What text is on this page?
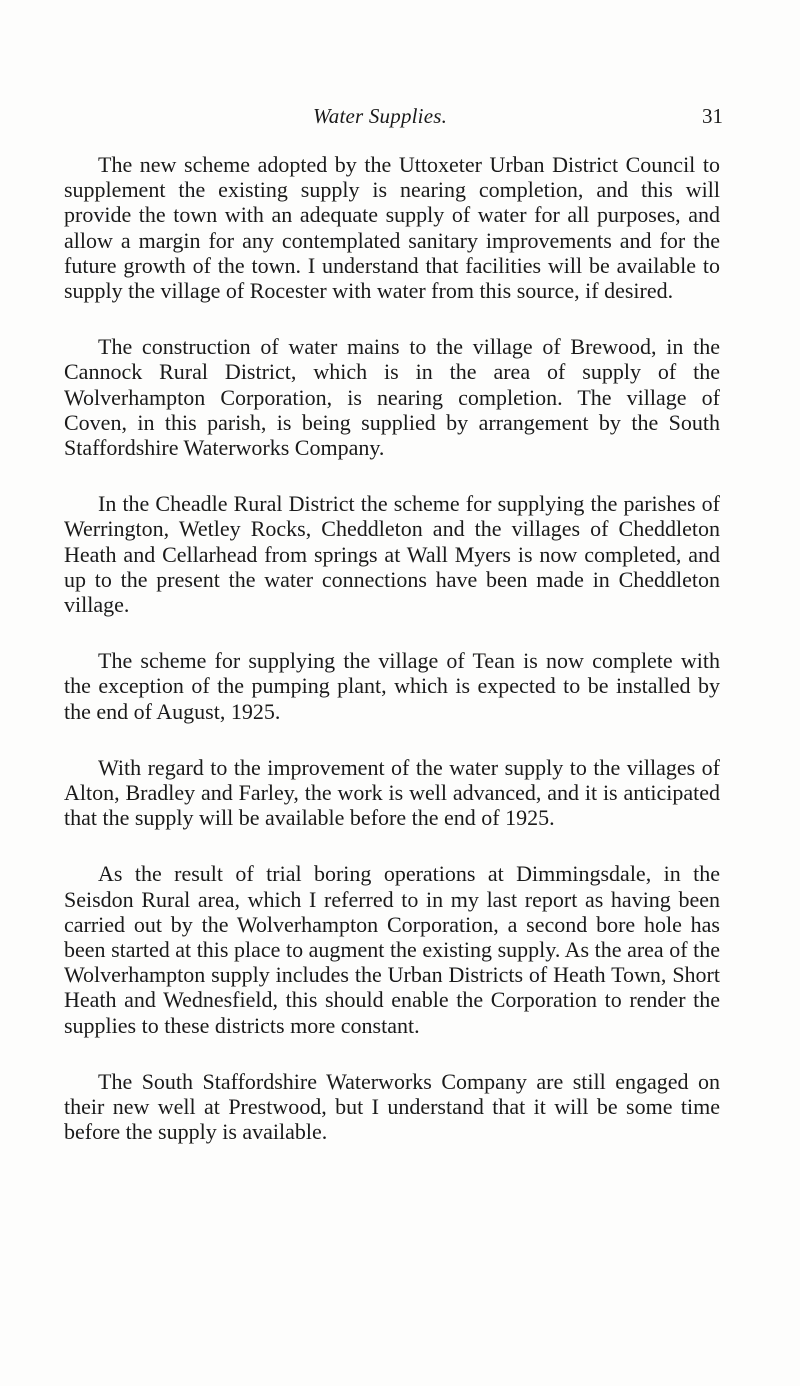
Water Supplies.	31

The new scheme adopted by the Uttoxeter Urban District Council to supplement the existing supply is nearing completion, and this will provide the town with an adequate supply of water for all purposes, and allow a margin for any contemplated sanitary improvements and for the future growth of the town. I understand that facilities will be available to supply the village of Rocester with water from this source, if desired.

The construction of water mains to the village of Brewood, in the Cannock Rural District, which is in the area of supply of the Wolverhampton Corporation, is nearing completion. The village of Coven, in this parish, is being supplied by arrangement by the South Staffordshire Waterworks Company.

In the Cheadle Rural District the scheme for supplying the parishes of Werrington, Wetley Rocks, Cheddleton and the villages of Cheddleton Heath and Cellarhead from springs at Wall Myers is now completed, and up to the present the water connections have been made in Cheddleton village.

The scheme for supplying the village of Tean is now complete with the exception of the pumping plant, which is expected to be installed by the end of August, 1925.

With regard to the improvement of the water supply to the villages of Alton, Bradley and Farley, the work is well advanced, and it is anticipated that the supply will be available before the end of 1925.

As the result of trial boring operations at Dimmingsdale, in the Seisdon Rural area, which I referred to in my last report as having been carried out by the Wolverhampton Corporation, a second bore hole has been started at this place to augment the existing supply. As the area of the Wolverhampton supply includes the Urban Districts of Heath Town, Short Heath and Wednesfield, this should enable the Corporation to render the supplies to these districts more constant.

The South Staffordshire Waterworks Company are still engaged on their new well at Prestwood, but I understand that it will be some time before the supply is available.
